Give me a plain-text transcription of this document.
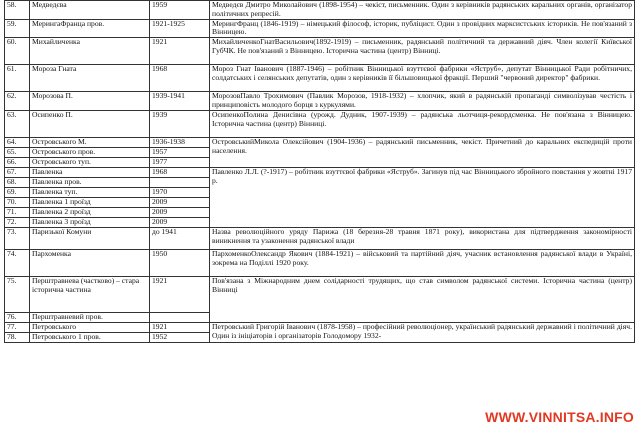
58.	Медведєва	1959	Медведєв Дмитро Миколайович (1898-1954) – чекіст, письменник. Один з керівників радянських каральних органів, організатор політичних репресій.
59.	МерингаФранца пров.	1921-1925	МерингФранц (1846-1919) – німецький філософ, історик, публіцист. Один з провідних марксистських істориків. Не пов'язаний з Вінницею.
60.	Михайличенка	1921	МихайличенкоГнатВасильович(1892-1919) – письменник, радянський політичний та державний діяч. Член колегії Київської ГубЧК. Не пов'язаний з Вінницею. Історична частина (центр) Вінниці.
61.	Мороза Гната	1968	Мороз Гнат Іванович (1887-1946) – робітник Вінницької взуттєвої фабрики «Яструб», депутат Вінницької Ради робітничих, солдатських і селянських депутатів, один з керівників її більшовицької фракції. Перший "червоний директор" фабрики.
62.	Морозова П.	1939-1941	МорозовПавло Трохимович (Павлик Морозов, 1918-1932) – хлопчик, який в радянській пропаганді символізував честість і принциповість молодого борця з куркулями.
63.	Осипенко П.	1939	ОсипенкоПолина Денисівна (урожд. Дудник, 1907-1939) – радянська льотчиця-рекордсменка. Не пов'язана з Вінницею. Історична частина (центр) Вінниці.
64.	Островського М.	1936-1938	ОстровськийМикола Олексійович (1904-1936) – радянський письменник, чекіст. Причетний до каральних експедицій проти населення.
65.	Островського пров.	1957	
66.	Островського туп.	1977	
67.	Павленка	1968	Павленко Л.Л. (?-1917) – робітник взуттєвої фабрики «Яструб». Загинув під час Вінницького збройного повстання у жовтні 1917 р.
68.	Павленка пров.		
69.	Павленка туп.	1970	
70.	Павленка 1 проїзд	2009	
71.	Павленка 2 проїзд	2009	
72.	Павленка 3 проїзд	2009	
73.	Паризької Комуни	до 1941	Назва революційного уряду Парижа (18 березня-28 травня 1871 року), використана для підтвердження закономірності виникнення та узаконення радянської влади
74.	Пархоменка	1950	ПархоменкоОлександр Якович (1884-1921) – військовий та партійний діяч, учасник встановлення радянської влади в Україні, зокрема на Поділлі 1920 року.
75.	Перштравнева (частково) – стара історична частина	1921	Пов'язана з Міжнародним днем солідарності трудящих, що став символом радянської системи. Історична частина (центр) Вінниці
76.	Перштравневий пров.		
77.	Петровського	1921	Петровський Григорій Іванович (1878-1958) – професійний революціонер, український радянський державний і політичний діяч. Один із ініціаторів і організаторів Голодомору 1932-
78.	Петровського 1 пров.	1952	
WWW.VINNITSA.INFO
